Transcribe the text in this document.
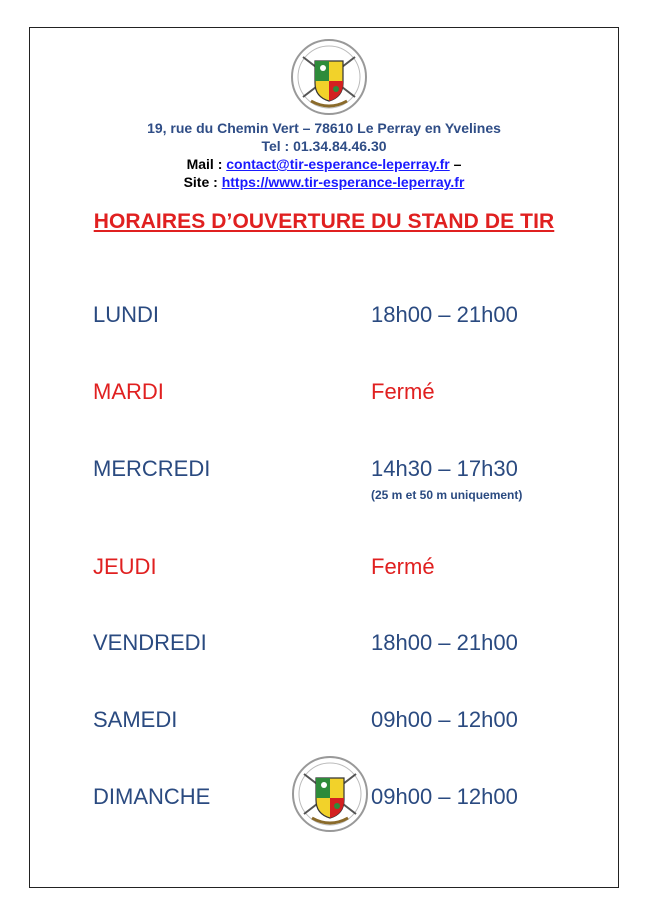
19, rue du Chemin Vert – 78610 Le Perray en Yvelines
Tel : 01.34.84.46.30
Mail : contact@tir-esperance-leperray.fr –
Site : https://www.tir-esperance-leperray.fr
HORAIRES D’OUVERTURE DU STAND DE TIR
LUNDI	18h00 – 21h00
MARDI	Fermé
MERCREDI	14h30 – 17h30
(25 m et 50 m uniquement)
JEUDI	Fermé
VENDREDI	18h00 – 21h00
SAMEDI	09h00 – 12h00
DIMANCHE	09h00 – 12h00
